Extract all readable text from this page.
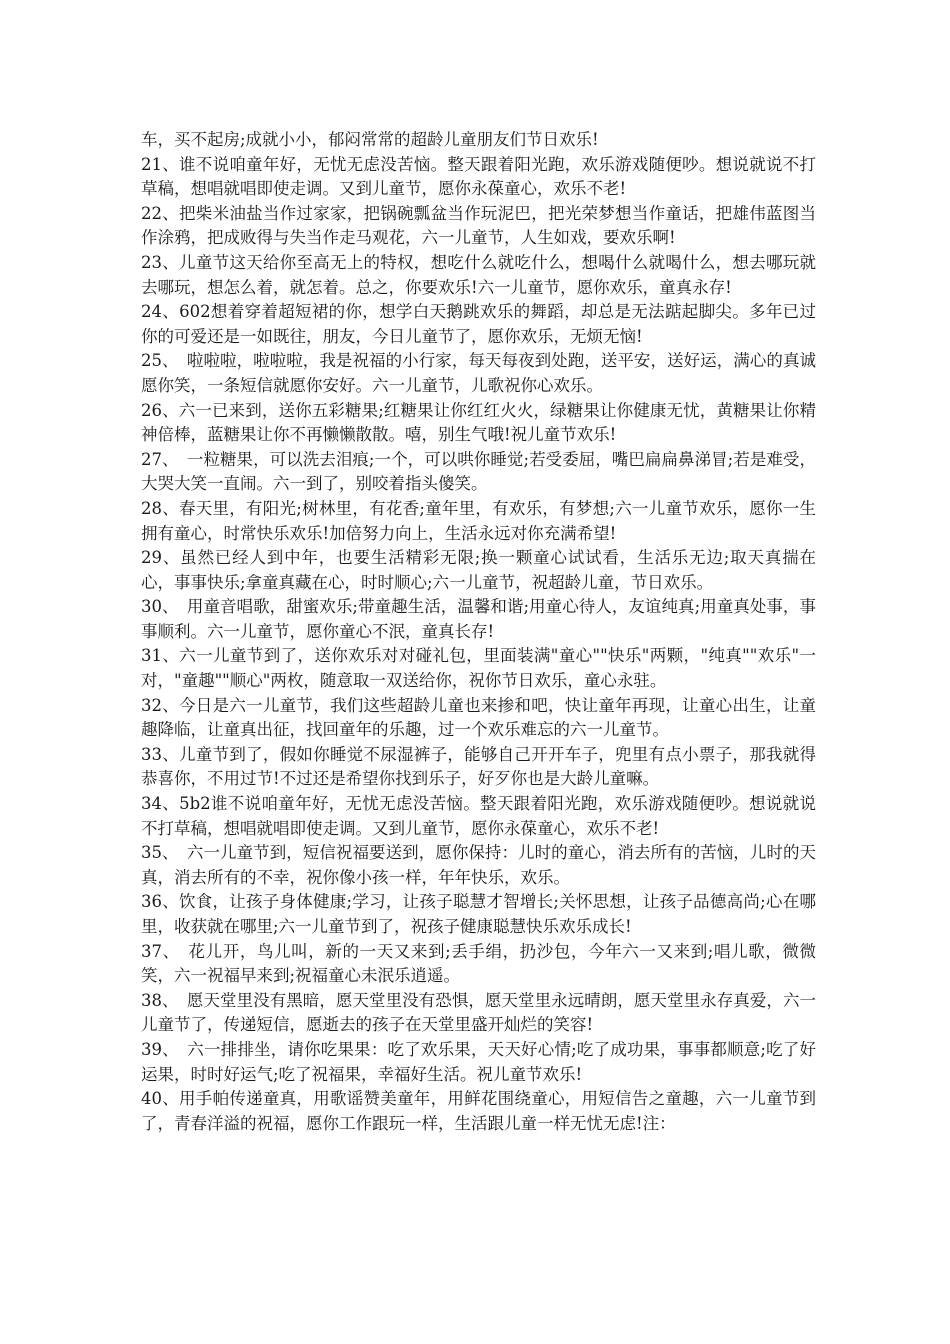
车，买不起房;成就小小，郁闷常常的超龄儿童朋友们节日欢乐!

21、谁不说咱童年好，无忧无虑没苦恼。整天跟着阳光跑，欢乐游戏随便吵。想说就说不打草稿，想唱就唱即使走调。又到儿童节，愿你永葆童心，欢乐不老!

22、把柴米油盐当作过家家，把锅碗瓢盆当作玩泥巴，把光荣梦想当作童话，把雄伟蓝图当作涂鸦，把成败得与失当作走马观花，六一儿童节，人生如戏，要欢乐啊!

23、儿童节这天给你至高无上的特权，想吃什么就吃什么，想喝什么就喝什么，想去哪玩就去哪玩，想怎么着，就怎着。总之，你要欢乐!六一儿童节，愿你欢乐，童真永存!

24、602想着穿着超短裙的你，想学白天鹅跳欢乐的舞蹈，却总是无法踮起脚尖。多年已过你的可爱还是一如既往，朋友，今日儿童节了，愿你欢乐，无烦无恼!

25、　啦啦啦，啦啦啦，我是祝福的小行家，每天每夜到处跑，送平安，送好运，满心的真诚愿你笑，一条短信就愿你安好。六一儿童节，儿歌祝你心欢乐。

26、六一已来到，送你五彩糖果;红糖果让你红红火火，绿糖果让你健康无忧，黄糖果让你精神倍棒，蓝糖果让你不再懒懒散散。嘻，别生气哦!祝儿童节欢乐!

27、　一粒糖果，可以洗去泪痕;一个，可以哄你睡觉;若受委屈，嘴巴扁扁鼻涕冒;若是难受，大哭大笑一直闹。六一到了，别咬着指头傻笑。

28、春天里，有阳光;树林里，有花香;童年里，有欢乐，有梦想;六一儿童节欢乐，愿你一生拥有童心，时常快乐欢乐!加倍努力向上，生活永远对你充满希望!

29、虽然已经人到中年，也要生活精彩无限;换一颗童心试试看，生活乐无边;取天真揣在心，事事快乐;拿童真藏在心，时时顺心;六一儿童节，祝超龄儿童，节日欢乐。

30、　用童音唱歌，甜蜜欢乐;带童趣生活，温馨和谐;用童心待人，友谊纯真;用童真处事，事事顺利。六一儿童节，愿你童心不泯，童真长存!

31、六一儿童节到了，送你欢乐对对碰礼包，里面装满"童心""快乐"两颗，"纯真""欢乐"一对，"童趣""顺心"两枚，随意取一双送给你，祝你节日欢乐，童心永驻。

32、今日是六一儿童节，我们这些超龄儿童也来掺和吧，快让童年再现，让童心出生，让童趣降临，让童真出征，找回童年的乐趣，过一个欢乐难忘的六一儿童节。

33、儿童节到了，假如你睡觉不尿湿裤子，能够自己开开车子，兜里有点小票子，那我就得恭喜你，不用过节!不过还是希望你找到乐子，好歹你也是大龄儿童嘛。

34、5b2谁不说咱童年好，无忧无虑没苦恼。整天跟着阳光跑，欢乐游戏随便吵。想说就说不打草稿，想唱就唱即使走调。又到儿童节，愿你永葆童心，欢乐不老!

35、　六一儿童节到，短信祝福要送到，愿你保持：儿时的童心，消去所有的苦恼，儿时的天真，消去所有的不幸，祝你像小孩一样，年年快乐，欢乐。

36、饮食，让孩子身体健康;学习，让孩子聪慧才智增长;关怀思想，让孩子品德高尚;心在哪里，收获就在哪里;六一儿童节到了，祝孩子健康聪慧快乐欢乐成长!

37、　花儿开，鸟儿叫，新的一天又来到;丢手绢，扔沙包，今年六一又来到;唱儿歌，微微笑，六一祝福早来到;祝福童心未泯乐逍遥。

38、　愿天堂里没有黑暗，愿天堂里没有恐惧，愿天堂里永远晴朗，愿天堂里永存真爱，六一儿童节了，传递短信，愿逝去的孩子在天堂里盛开灿烂的笑容!

39、　六一排排坐，请你吃果果：吃了欢乐果，天天好心情;吃了成功果，事事都顺意;吃了好运果，时时好运气;吃了祝福果，幸福好生活。祝儿童节欢乐!

40、用手帕传递童真，用歌谣赞美童年，用鲜花围绕童心，用短信告之童趣，六一儿童节到了，青春洋溢的祝福，愿你工作跟玩一样，生活跟儿童一样无忧无虑!注：
